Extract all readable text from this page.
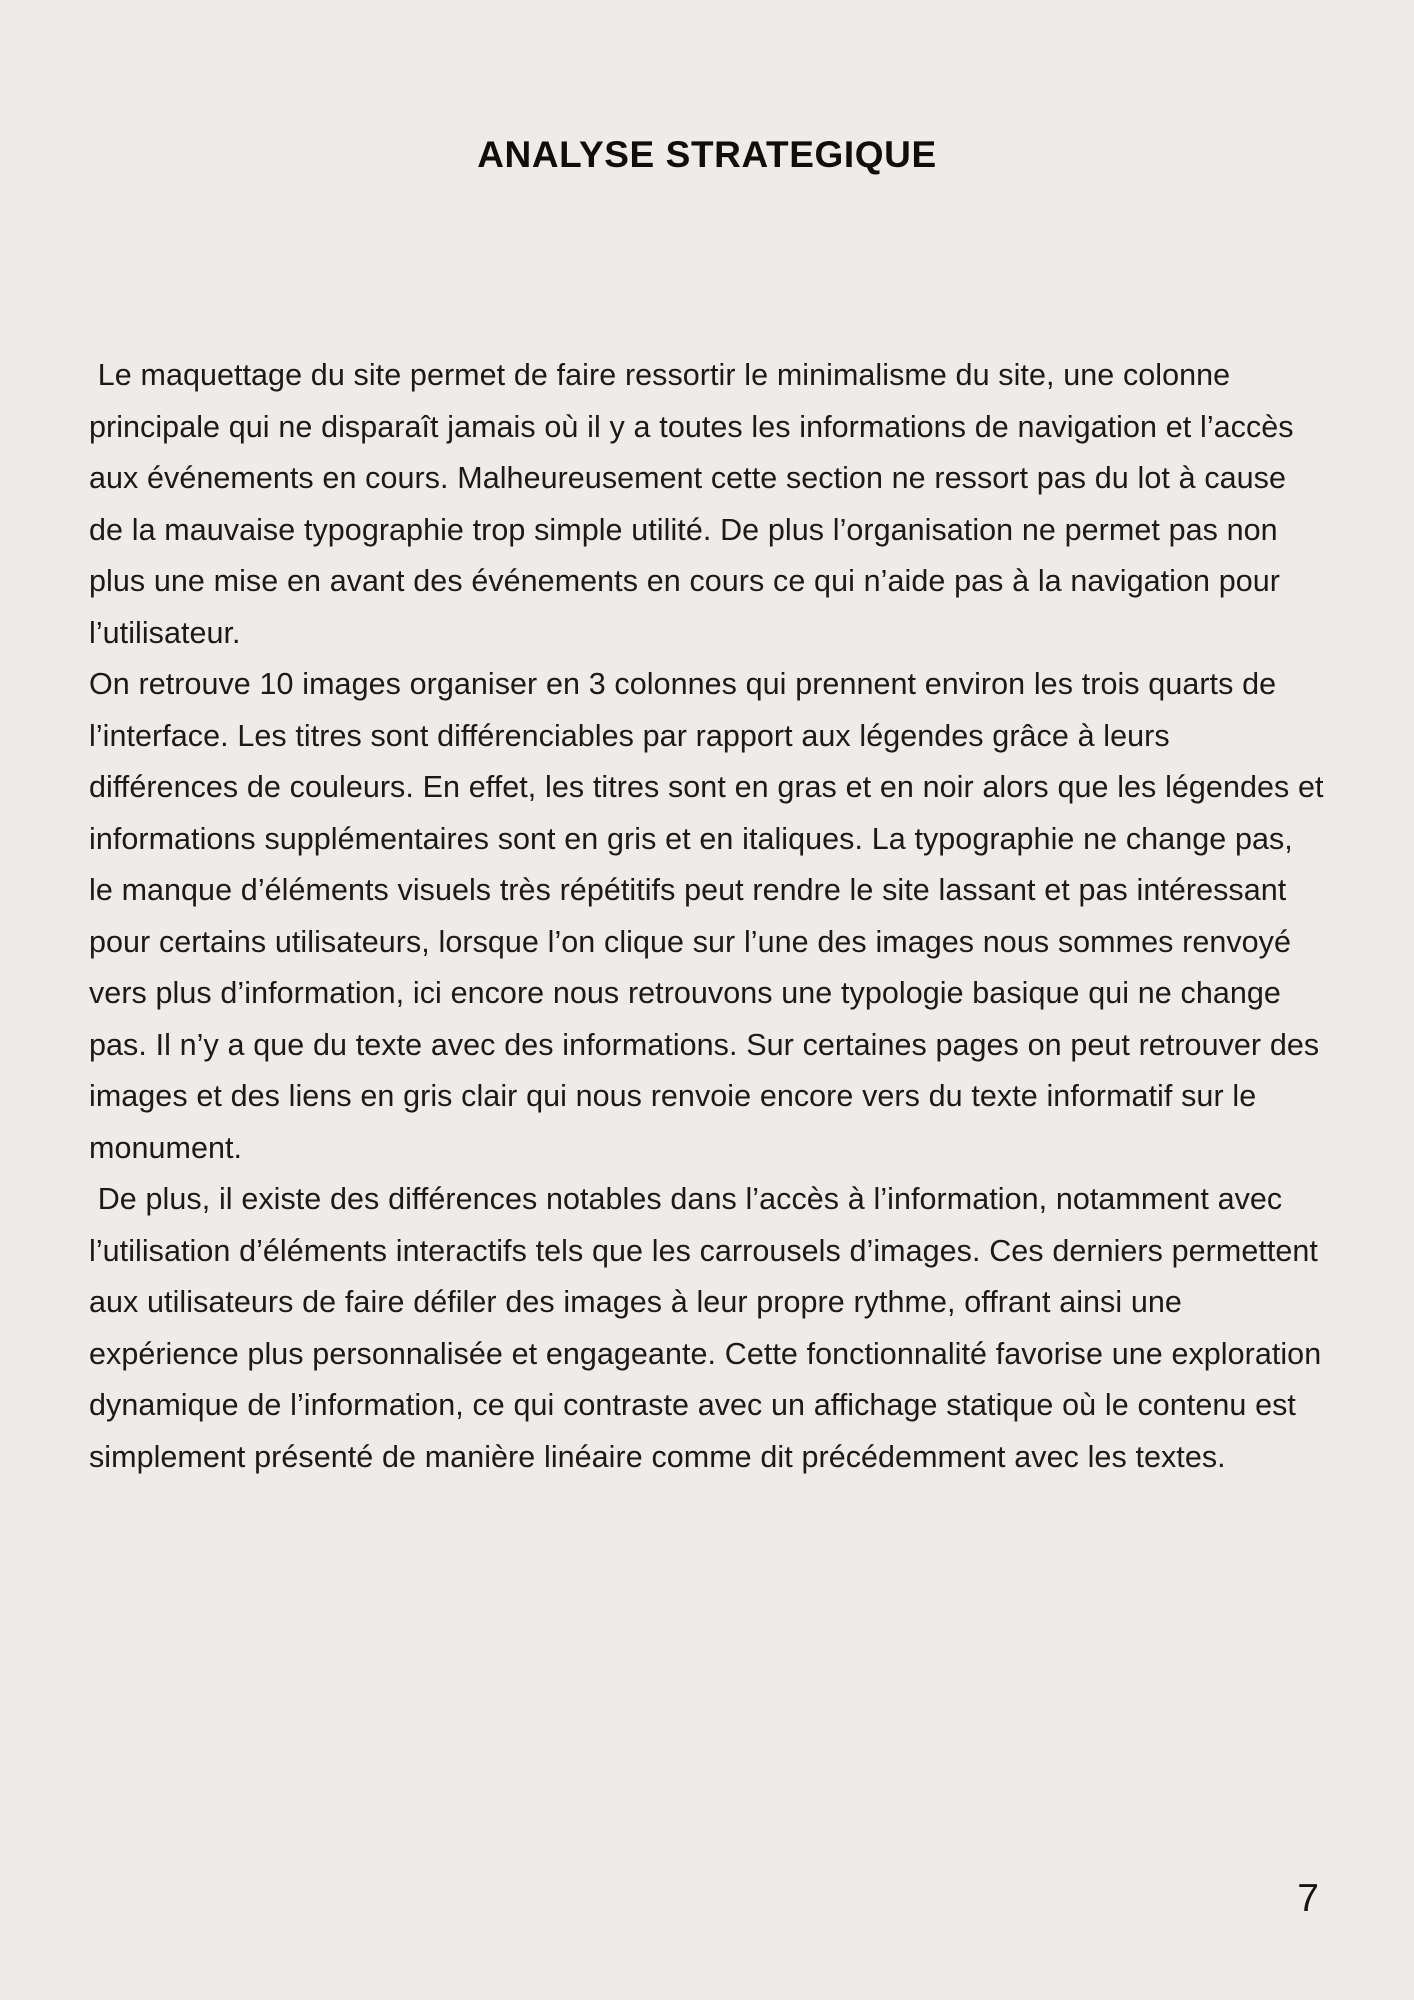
ANALYSE STRATEGIQUE

Le maquettage du site permet de faire ressortir le minimalisme du site, une colonne principale qui ne disparaît jamais où il y a toutes les informations de navigation et l’accès aux événements en cours. Malheureusement cette section ne ressort pas du lot à cause de la mauvaise typographie trop simple utilité. De plus l’organisation ne permet pas non plus une mise en avant des événements en cours ce qui n’aide pas à la navigation pour l’utilisateur.

On retrouve 10 images organiser en 3 colonnes qui prennent environ les trois quarts de l’interface. Les titres sont différenciables par rapport aux légendes grâce à leurs différences de couleurs. En effet, les titres sont en gras et en noir alors que les légendes et informations supplémentaires sont en gris et en italiques. La typographie ne change pas, le manque d’éléments visuels très répétitifs peut rendre le site lassant et pas intéressant pour certains utilisateurs, lorsque l’on clique sur l’une des images nous sommes renvoyé vers plus d’information, ici encore nous retrouvons une typologie basique qui ne change pas. Il n’y a que du texte avec des informations. Sur certaines pages on peut retrouver des images et des liens en gris clair qui nous renvoie encore vers du texte informatif sur le monument.

De plus, il existe des différences notables dans l’accès à l’information, notamment avec l’utilisation d’éléments interactifs tels que les carrousels d’images. Ces derniers permettent aux utilisateurs de faire défiler des images à leur propre rythme, offrant ainsi une expérience plus personnalisée et engageante. Cette fonctionnalité favorise une exploration dynamique de l’information, ce qui contraste avec un affichage statique où le contenu est simplement présenté de manière linéaire comme dit précédemment avec les textes.

7
